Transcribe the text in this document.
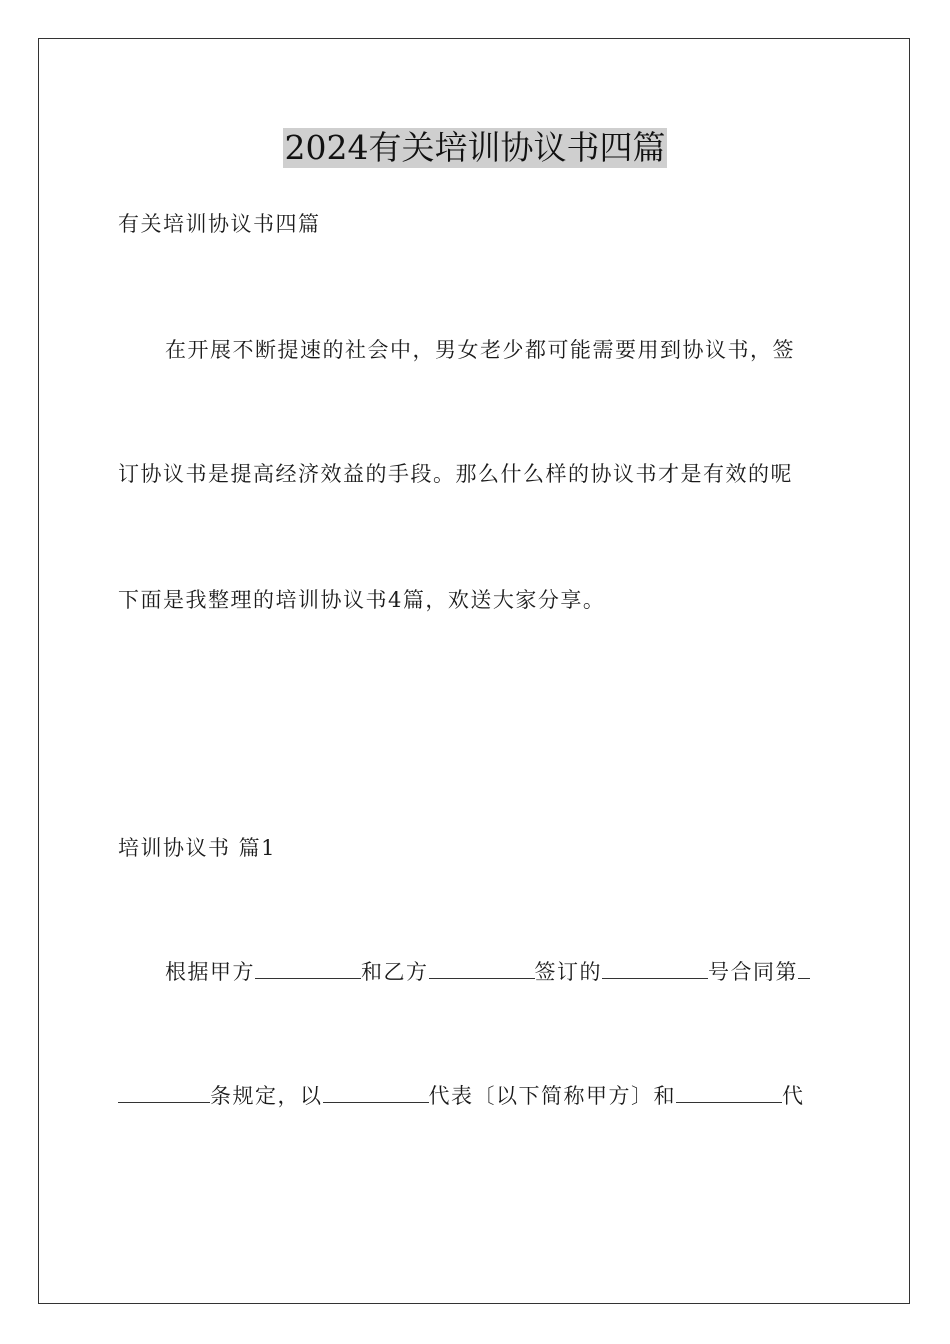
2024有关培训协议书四篇
有关培训协议书四篇
在开展不断提速的社会中，男女老少都可能需要用到协议书，签
订协议书是提高经济效益的手段。那么什么样的协议书才是有效的呢
下面是我整理的培训协议书4篇，欢送大家分享。
培训协议书 篇1
根据甲方	和乙方	签订的	号合同第
条规定，以	代表〔以下简称甲方〕和	代
